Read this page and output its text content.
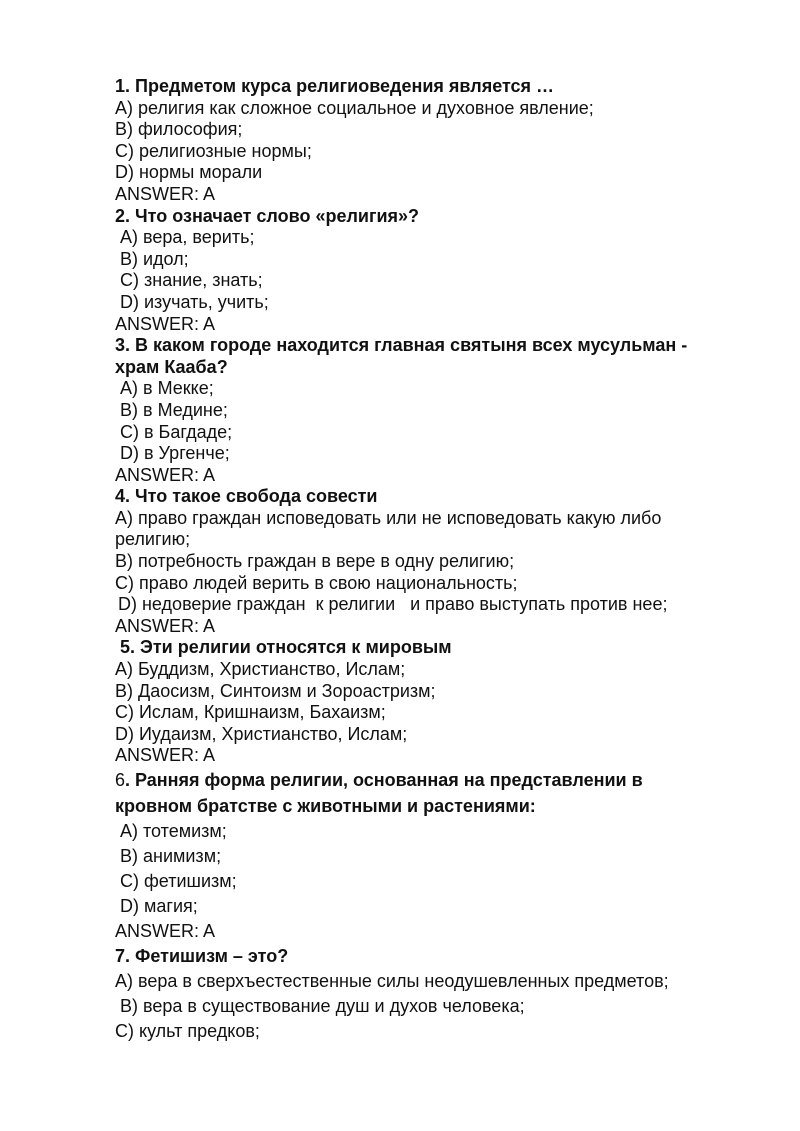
1. Предметом курса религиоведения является …
A) религия как сложное социальное и духовное явление;
B) философия;
C) религиозные нормы;
D) нормы морали
ANSWER: A
2. Что означает слово «религия»?
A) вера, верить;
B) идол;
C) знание, знать;
D) изучать, учить;
ANSWER: A
3. В каком городе находится главная святыня всех мусульман -
храм Кааба?
A) в Мекке;
B) в Медине;
C) в Багдаде;
D) в Ургенче;
ANSWER: A
4. Что такое свобода совести
A) право граждан исповедовать или не исповедовать какую либо религию;
B) потребность граждан в вере в одну религию;
C) право людей верить в свою национальность;
D) недоверие граждан  к религии   и право выступать против нее;
ANSWER: A
5. Эти религии относятся к мировым
A) Буддизм, Христианство, Ислам;
B) Даосизм, Синтоизм и Зороастризм;
C) Ислам, Кришнаизм, Бахаизм;
D) Иудаизм, Христианство, Ислам;
ANSWER: A
6. Ранняя форма религии, основанная на представлении в
кровном братстве с животными и растениями:
A) тотемизм;
B) анимизм;
C) фетишизм;
D) магия;
ANSWER: A
7. Фетишизм – это?
A) вера в сверхъестественные силы неодушевленных предметов;
B) вера в существование душ и духов человека;
C) культ предков;
